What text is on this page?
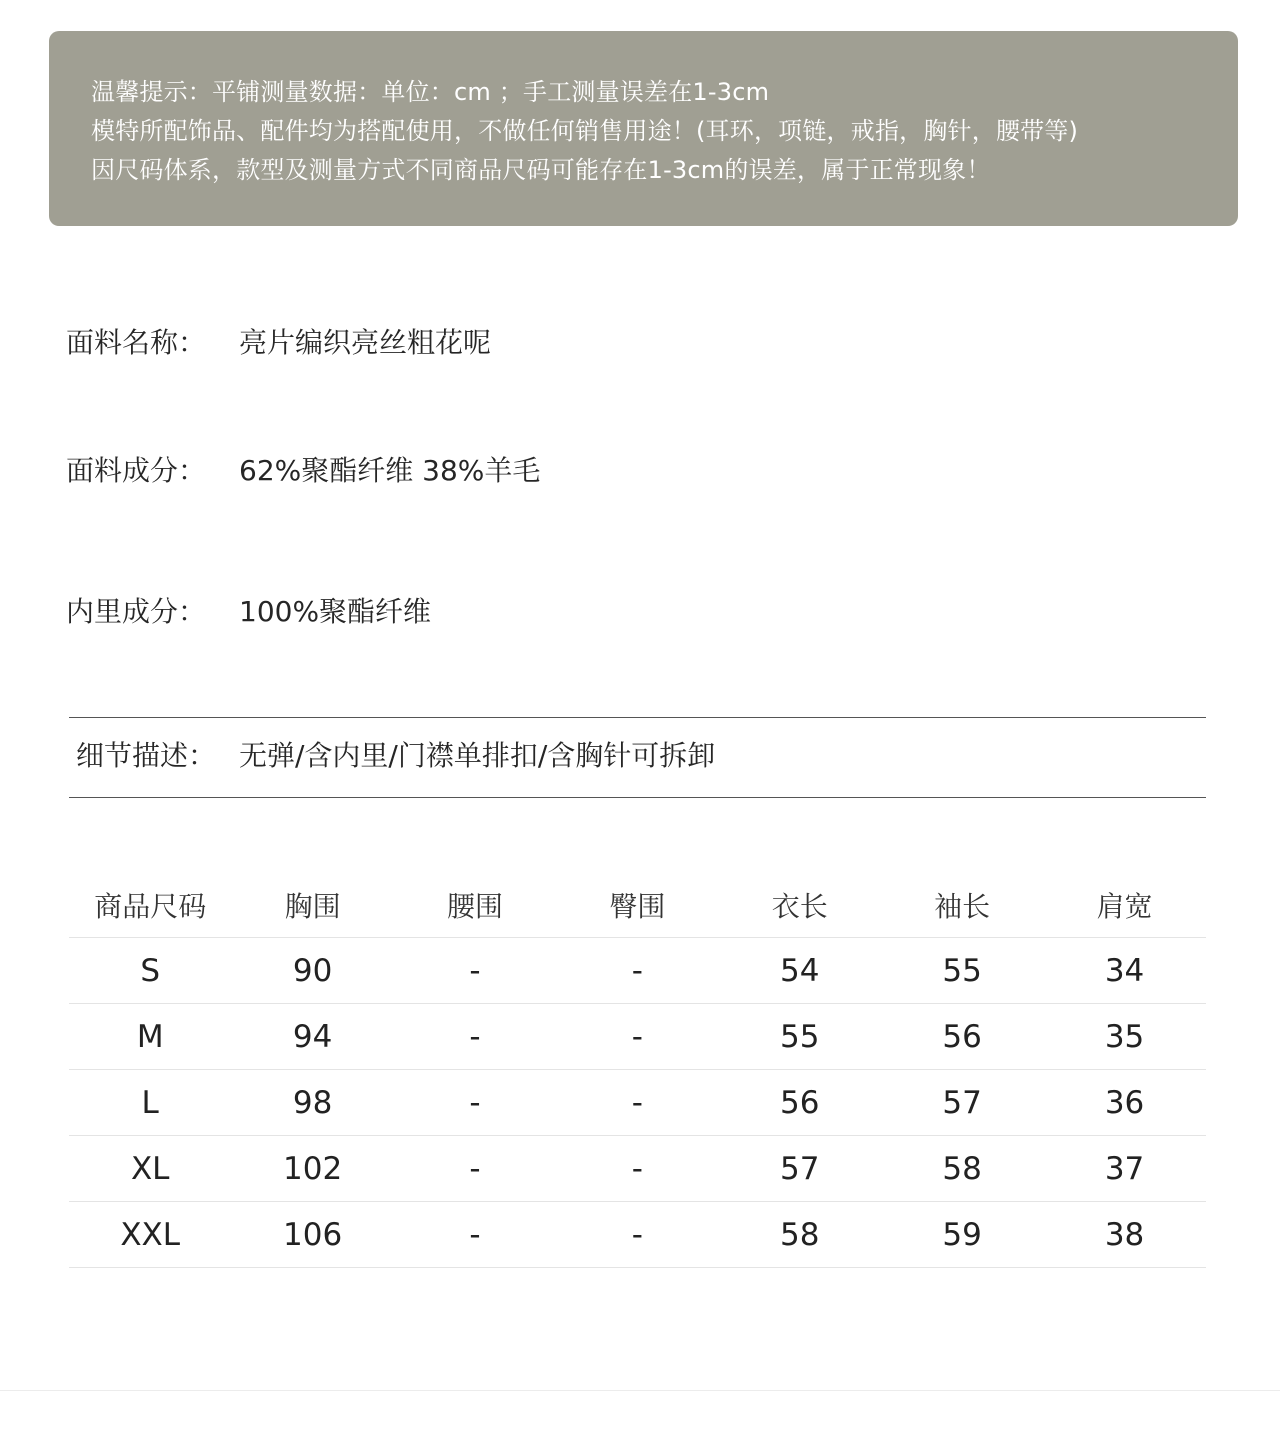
温馨提示：平铺测量数据：单位：cm ；手工测量误差在1-3cm
模特所配饰品、配件均为搭配使用，不做任何销售用途！(耳环，项链，戒指，胸针，腰带等)
因尺码体系，款型及测量方式不同商品尺码可能存在1-3cm的误差，属于正常现象！
面料名称： 亮片编织亮丝粗花呢
面料成分： 62%聚酯纤维 38%羊毛
内里成分： 100%聚酯纤维
细节描述： 无弹/含内里/门襟单排扣/含胸针可拆卸
商品尺码	胸围	腰围	臀围	衣长	袖长	肩宽
S	90	-	-	54	55	34
M	94	-	-	55	56	35
L	98	-	-	56	57	36
XL	102	-	-	57	58	37
XXL	106	-	-	58	59	38
